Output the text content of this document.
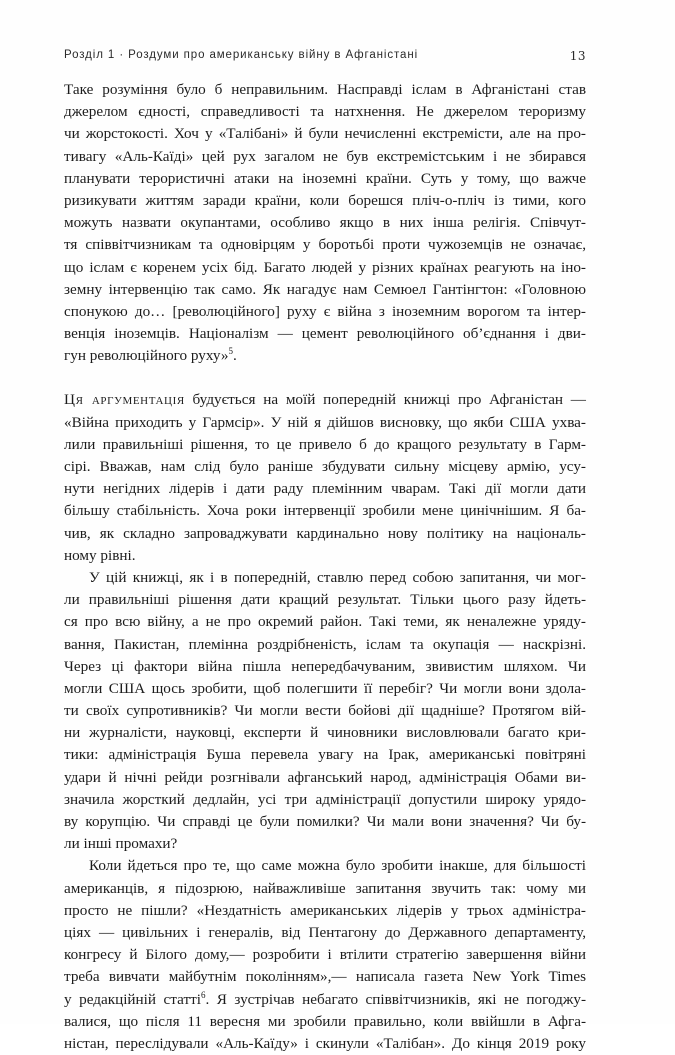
Розділ 1 · Роздуми про американську війну в Афганістані	13
Таке розуміння було б неправильним. Насправді іслам в Афганістані став
джерелом єдності, справедливості та натхнення. Не джерелом тероризму
чи жорстокості. Хоч у «Талібані» й були нечисленні екстремісти, але на про-
тивагу «Аль-Каїді» цей рух загалом не був екстремістським і не збирався
планувати терористичні атаки на іноземні країни. Суть у тому, що важче
ризикувати життям заради країни, коли борешся пліч-о-пліч із тими, кого
можуть назвати окупантами, особливо якщо в них інша релігія. Співчут-
тя співвітчизникам та одновірцям у боротьбі проти чужоземців не означає,
що іслам є коренем усіх бід. Багато людей у різних країнах реагують на іно-
земну інтервенцію так само. Як нагадує нам Семюел Гантінгтон: «Головною
спонукою до… [революційного] руху є війна з іноземним ворогом та інтер-
венція іноземців. Націоналізм — цемент революційного об’єднання і дви-
гун революційного руху»$^5$.
Ця аргументація будується на моїй попередній книжці про Афганістан —
«Війна приходить у Гармсір». У ній я дійшов висновку, що якби США ухва-
лили правильніші рішення, то це привело б до кращого результату в Гарм-
сірі. Вважав, нам слід було раніше збудувати сильну місцеву армію, усу-
нути негідних лідерів і дати раду племінним чварам. Такі дії могли дати
більшу стабільність. Хоча роки інтервенції зробили мене цинічнішим. Я ба-
чив, як складно запроваджувати кардинально нову політику на національ-
ному рівні.
У цій книжці, як і в попередній, ставлю перед собою запитання, чи мог-
ли правильніші рішення дати кращий результат. Тільки цього разу йдеть-
ся про всю війну, а не про окремий район. Такі теми, як неналежне уряду-
вання, Пакистан, племінна роздрібненість, іслам та окупація — наскрізні.
Через ці фактори війна пішла непередбачуваним, звивистим шляхом. Чи
могли США щось зробити, щоб полегшити її перебіг? Чи могли вони здола-
ти своїх супротивників? Чи могли вести бойові дії щадніше? Протягом вій-
ни журналісти, науковці, експерти й чиновники висловлювали багато кри-
тики: адміністрація Буша перевела увагу на Ірак, американські повітряні
удари й нічні рейди розгнівали афганський народ, адміністрація Обами ви-
значила жорсткий дедлайн, усі три адміністрації допустили широку урядо-
ву корупцію. Чи справді це були помилки? Чи мали вони значення? Чи бу-
ли інші промахи?
Коли йдеться про те, що саме можна було зробити інакше, для більшості
американців, я підозрюю, найважливіше запитання звучить так: чому ми
просто не пішли? «Нездатність американських лідерів у трьох адміністра-
ціях — цивільних і генералів, від Пентагону до Державного департаменту,
конгресу й Білого дому,— розробити і втілити стратегію завершення війни
треба вивчати майбутнім поколінням»,— написала газета New York Times
у редакційній статті$^6$. Я зустрічав небагато співвітчизників, які не погоджу-
валися, що після 11 вересня ми зробили правильно, коли ввійшли в Афга-
ністан, переслідували «Аль-Каїду» і скинули «Талібан». До кінця 2019 року
